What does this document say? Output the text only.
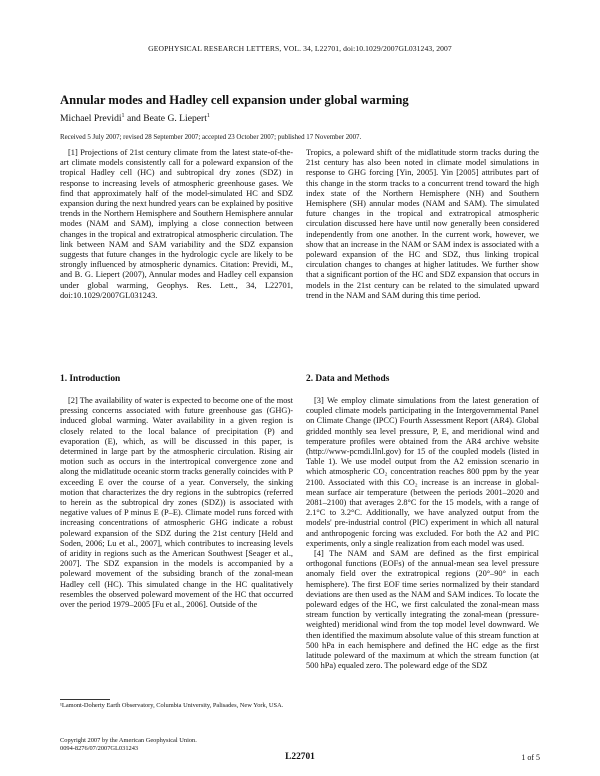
GEOPHYSICAL RESEARCH LETTERS, VOL. 34, L22701, doi:10.1029/2007GL031243, 2007
Annular modes and Hadley cell expansion under global warming
Michael Previdi$^1$ and Beate G. Liepert$^1$
Received 5 July 2007; revised 28 September 2007; accepted 23 October 2007; published 17 November 2007.

[1] Projections of 21st century climate from the latest state-of-the-art climate models consistently call for a poleward expansion of the tropical Hadley cell (HC) and subtropical dry zones (SDZ) in response to increasing levels of atmospheric greenhouse gases. We find that approximately half of the model-simulated HC and SDZ expansion during the next hundred years can be explained by positive trends in the Northern Hemisphere and Southern Hemisphere annular modes (NAM and SAM), implying a close connection between changes in the tropical and extratropical atmospheric circulation. The link between NAM and SAM variability and the SDZ expansion suggests that future changes in the hydrologic cycle are likely to be strongly influenced by atmospheric dynamics. Citation: Previdi, M., and B. G. Liepert (2007), Annular modes and Hadley cell expansion under global warming, Geophys. Res. Lett., 34, L22701, doi:10.1029/2007GL031243.

Tropics, a poleward shift of the midlatitude storm tracks during the 21st century has also been noted in climate model simulations in response to GHG forcing [Yin, 2005]. Yin [2005] attributes part of this change in the storm tracks to a concurrent trend toward the high index state of the Northern Hemisphere (NH) and Southern Hemisphere (SH) annular modes (NAM and SAM). The simulated future changes in the tropical and extratropical atmospheric circulation discussed here have until now generally been considered independently from one another. In the current work, however, we show that an increase in the NAM or SAM index is associated with a poleward expansion of the HC and SDZ, thus linking tropical circulation changes to changes at higher latitudes. We further show that a significant portion of the HC and SDZ expansion that occurs in models in the 21st century can be related to the simulated upward trend in the NAM and SAM during this time period.

1. Introduction	2. Data and Methods

[2] The availability of water is expected to become one of the most pressing concerns associated with future greenhouse gas (GHG)-induced global warming. Water availability in a given region is closely related to the local balance of precipitation (P) and evaporation (E), which, as will be discussed in this paper, is determined in large part by the atmospheric circulation. Rising air motion such as occurs in the intertropical convergence zone and along the midlatitude oceanic storm tracks generally coincides with P exceeding E over the course of a year. Conversely, the sinking motion that characterizes the dry regions in the subtropics (referred to herein as the subtropical dry zones (SDZ)) is associated with negative values of P minus E (P–E). Climate model runs forced with increasing concentrations of atmospheric GHG indicate a robust poleward expansion of the SDZ during the 21st century [Held and Soden, 2006; Lu et al., 2007], which contributes to increasing levels of aridity in regions such as the American Southwest [Seager et al., 2007]. The SDZ expansion in the models is accompanied by a poleward movement of the subsiding branch of the zonal-mean Hadley cell (HC). This simulated change in the HC qualitatively resembles the observed poleward movement of the HC that occurred over the period 1979–2005 [Fu et al., 2006]. Outside of the

[3] We employ climate simulations from the latest generation of coupled climate models participating in the Intergovernmental Panel on Climate Change (IPCC) Fourth Assessment Report (AR4). Global gridded monthly sea level pressure, P, E, and meridional wind and temperature profiles were obtained from the AR4 archive website (http://www-pcmdi.llnl.gov) for 15 of the coupled models (listed in Table 1). We use model output from the A2 emission scenario in which atmospheric CO₂ concentration reaches 800 ppm by the year 2100. Associated with this CO₂ increase is an increase in global-mean surface air temperature (between the periods 2001–2020 and 2081–2100) that averages 2.8°C for the 15 models, with a range of 2.1°C to 3.2°C. Additionally, we have analyzed output from the models' pre-industrial control (PIC) experiment in which all natural and anthropogenic forcing was excluded. For both the A2 and PIC experiments, only a single realization from each model was used.

[4] The NAM and SAM are defined as the first empirical orthogonal functions (EOFs) of the annual-mean sea level pressure anomaly field over the extratropical regions (20°–90° in each hemisphere). The first EOF time series normalized by their standard deviations are then used as the NAM and SAM indices. To locate the poleward edges of the HC, we first calculated the zonal-mean mass stream function by vertically integrating the zonal-mean (pressure-weighted) meridional wind from the top model level downward. We then identified the maximum absolute value of this stream function at 500 hPa in each hemisphere and defined the HC edge as the first latitude poleward of the maximum at which the stream function (at 500 hPa) equaled zero. The poleward edge of the SDZ

¹Lamont-Doherty Earth Observatory, Columbia University, Palisades, New York, USA.
Copyright 2007 by the American Geophysical Union.
0094-8276/07/2007GL031243
L22701	1 of 5
